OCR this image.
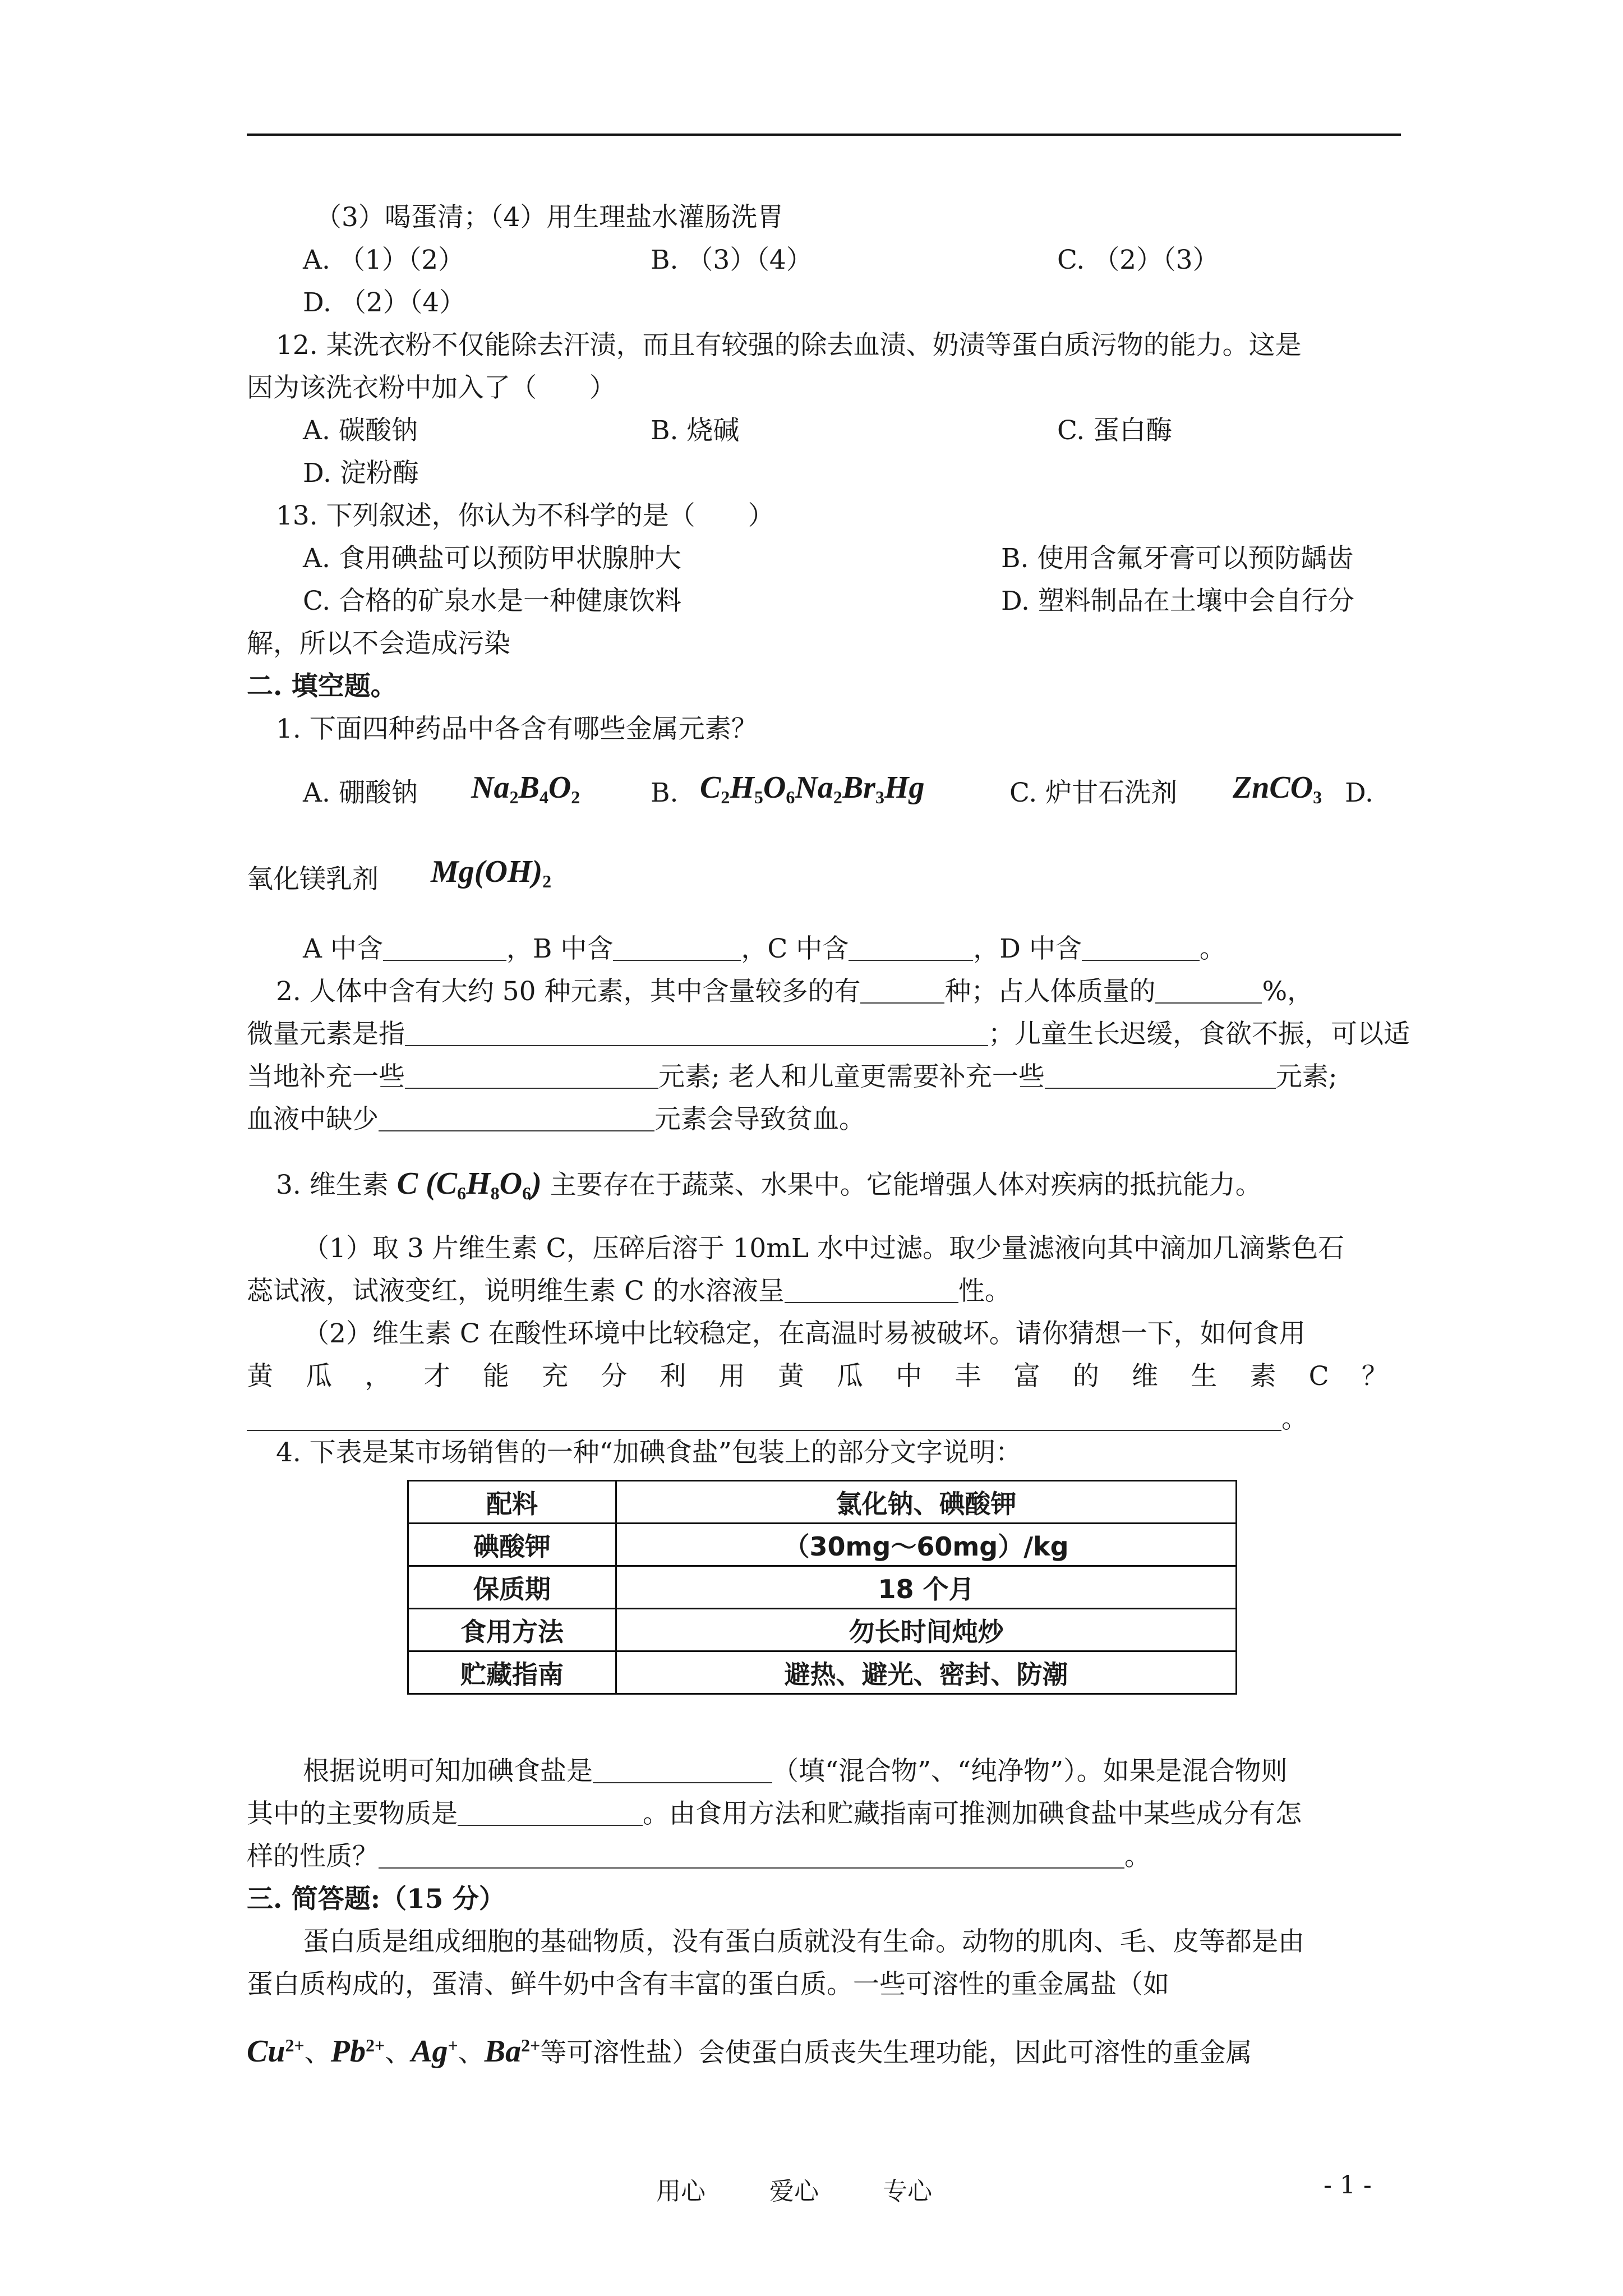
（3）喝蛋清；（4）用生理盐水灌肠洗胃
A. （1）（2）	B. （3）（4）	C. （2）（3）
D. （2）（4）
12. 某洗衣粉不仅能除去汗渍，而且有较强的除去血渍、奶渍等蛋白质污物的能力。这是
因为该洗衣粉中加入了（　　）
A. 碳酸钠	B. 烧碱	C. 蛋白酶
D. 淀粉酶
13. 下列叙述，你认为不科学的是（　　）
A. 食用碘盐可以预防甲状腺肿大	B. 使用含氟牙膏可以预防龋齿
C. 合格的矿泉水是一种健康饮料	D. 塑料制品在土壤中会自行分
解，所以不会造成污染
二. 填空题。
1. 下面四种药品中各含有哪些金属元素？
A. 硼酸钠 $Na_2B_4O_2$	B. $C_2H_5O_6Na_2Br_3Hg$	C. 炉甘石洗剂 ZnCO$_3$ D.
氧化镁乳剂 $Mg(OH)_2$
A 中含	，B 中含	，C 中含	，D 中含	。
2. 人体中含有大约 50 种元素，其中含量较多的有	种；占人体质量的	%，
微量元素是指	；儿童生长迟缓，食欲不振，可以适
当地补充一些	元素; 老人和儿童更需要补充一些	元素;
血液中缺少	元素会导致贫血。
3. 维生素 C $(C_6H_8O_6)$ 主要存在于蔬菜、水果中。它能增强人体对疾病的抵抗能力。
（1）取 3 片维生素 C，压碎后溶于 10mL 水中过滤。取少量滤液向其中滴加几滴紫色石
蕊试液，试液变红，说明维生素 C 的水溶液呈	性。
（2）维生素 C 在酸性环境中比较稳定，在高温时易被破坏。请你猜想一下，如何食用
黄 瓜 ， 才 能 充 分 利 用 黄 瓜 中 丰 富 的 维 生 素 C ？
。
4. 下表是某市场销售的一种“加碘食盐”包装上的部分文字说明：
配料	氯化钠、碘酸钾
碘酸钾	（30mg～60mg）/kg
保质期	18 个月
食用方法	勿长时间炖炒
贮藏指南	避热、避光、密封、防潮
根据说明可知加碘食盐是	（填“混合物”、“纯净物”）。如果是混合物则
其中的主要物质是	。由食用方法和贮藏指南可推测加碘食盐中某些成分有怎
样的性质？	。
三. 简答题:（15 分）
蛋白质是组成细胞的基础物质，没有蛋白质就没有生命。动物的肌肉、毛、皮等都是由
蛋白质构成的，蛋清、鲜牛奶中含有丰富的蛋白质。一些可溶性的重金属盐（如
$Cu^{2+}$、$Pb^{2+}$、Ag+、$Ba^{2+}$等可溶性盐）会使蛋白质丧失生理功能，因此可溶性的重金属
用心	爱心	专心	- 1 -
